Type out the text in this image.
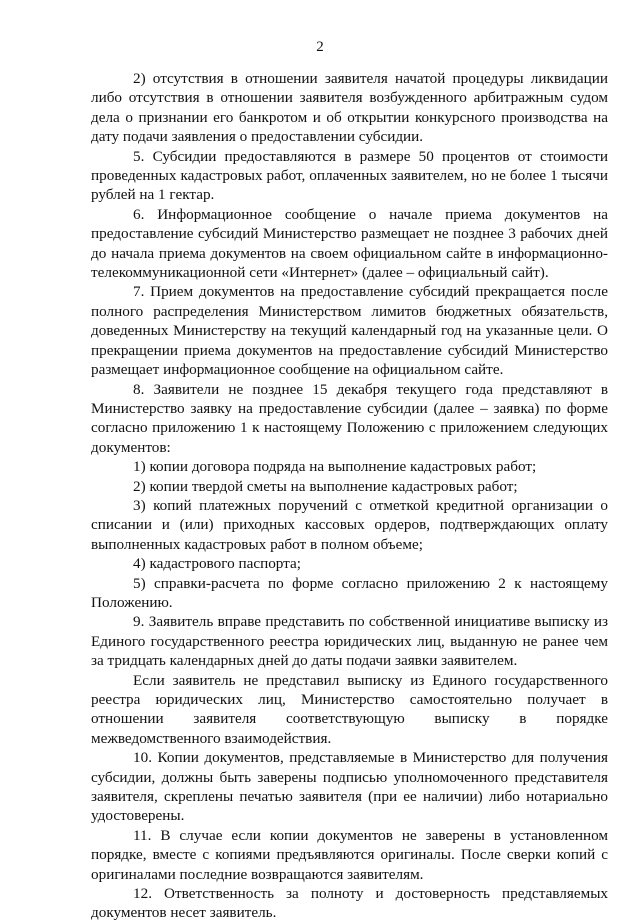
2

2) отсутствия в отношении заявителя начатой процедуры ликвидации либо отсутствия в отношении заявителя возбужденного арбитражным судом дела о признании его банкротом и об открытии конкурсного производства на дату подачи заявления о предоставлении субсидии.

5. Субсидии предоставляются в размере 50 процентов от стоимости проведенных кадастровых работ, оплаченных заявителем, но не более 1 тысячи рублей на 1 гектар.

6. Информационное сообщение о начале приема документов на предоставление субсидий Министерство размещает не позднее 3 рабочих дней до начала приема документов на своем официальном сайте в информационно-телекоммуникационной сети «Интернет» (далее – официальный сайт).

7. Прием документов на предоставление субсидий прекращается после полного распределения Министерством лимитов бюджетных обязательств, доведенных Министерству на текущий календарный год на указанные цели. О прекращении приема документов на предоставление субсидий Министерство размещает информационное сообщение на официальном сайте.

8. Заявители не позднее 15 декабря текущего года представляют в Министерство заявку на предоставление субсидии (далее – заявка) по форме согласно приложению 1 к настоящему Положению с приложением следующих документов:

1) копии договора подряда на выполнение кадастровых работ;

2) копии твердой сметы на выполнение кадастровых работ;

3) копий платежных поручений с отметкой кредитной организации о списании и (или) приходных кассовых ордеров, подтверждающих оплату выполненных кадастровых работ в полном объеме;

4) кадастрового паспорта;

5) справки-расчета по форме согласно приложению 2 к настоящему Положению.

9. Заявитель вправе представить по собственной инициативе выписку из Единого государственного реестра юридических лиц, выданную не ранее чем за тридцать календарных дней до даты подачи заявки заявителем.

Если заявитель не представил выписку из Единого государственного реестра юридических лиц, Министерство самостоятельно получает в отношении заявителя соответствующую выписку в порядке межведомственного взаимодействия.

10. Копии документов, представляемые в Министерство для получения субсидии, должны быть заверены подписью уполномоченного представителя заявителя, скреплены печатью заявителя (при ее наличии) либо нотариально удостоверены.

11. В случае если копии документов не заверены в установленном порядке, вместе с копиями предъявляются оригиналы. После сверки копий с оригиналами последние возвращаются заявителям.

12. Ответственность за полноту и достоверность представляемых документов несет заявитель.
